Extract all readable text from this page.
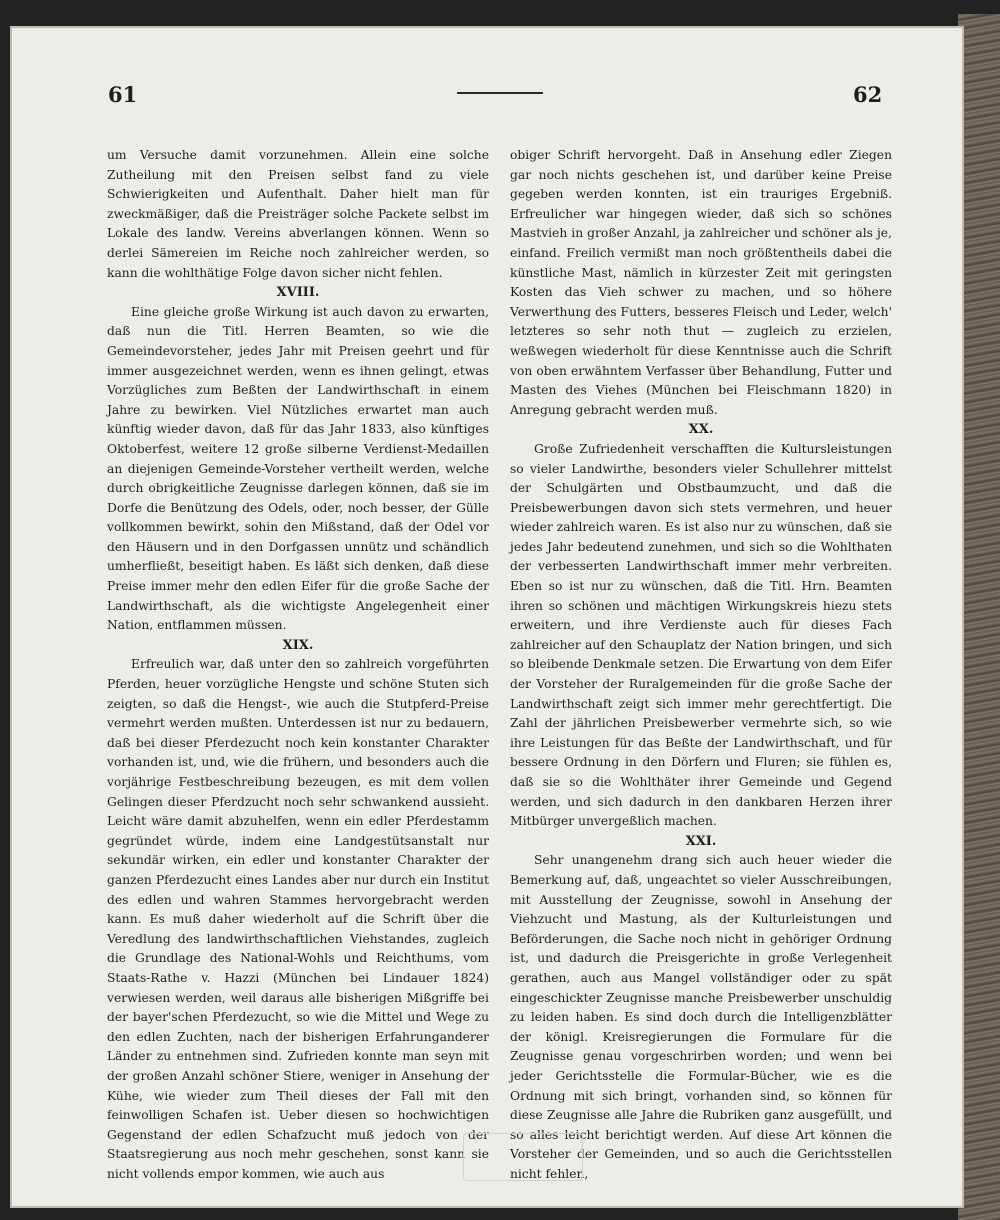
61	62

um Versuche damit vorzunehmen. Allein eine solche Zutheilung mit den Preisen selbst fand zu viele Schwierigkeiten und Aufenthalt. Daher hielt man für zweckmäßiger, daß die Preisträger solche Packete selbst im Lokale des landw. Vereins abverlangen können. Wenn so derlei Sämereien im Reiche noch zahlreicher werden, so kann die wohlthätige Folge davon sicher nicht fehlen.

XVIII.

Eine gleiche große Wirkung ist auch davon zu erwarten, daß nun die Titl. Herren Beamten, so wie die Gemeindevorsteher, jedes Jahr mit Preisen geehrt und für immer ausgezeichnet werden, wenn es ihnen gelingt, etwas Vorzügliches zum Beßten der Landwirthschaft in einem Jahre zu bewirken. Viel Nützliches erwartet man auch künftig wieder davon, daß für das Jahr 1833, also künftiges Oktoberfest, weitere 12 große silberne Verdienst-Medaillen an diejenigen Gemeinde-Vorsteher vertheilt werden, welche durch obrigkeitliche Zeugnisse darlegen können, daß sie im Dorfe die Benützung des Odels, oder, noch besser, der Gülle vollkommen bewirkt, sohin den Mißstand, daß der Odel vor den Häusern und in den Dorfgassen unnütz und schändlich umherfließt, beseitigt haben. Es läßt sich denken, daß diese Preise immer mehr den edlen Eifer für die große Sache der Landwirthschaft, als die wichtigste Angelegenheit einer Nation, entflammen müssen.

XIX.

Erfreulich war, daß unter den so zahlreich vorgeführten Pferden, heuer vorzügliche Hengste und schöne Stuten sich zeigten, so daß die Hengst-, wie auch die Stutpferd-Preise vermehrt werden mußten. Unterdessen ist nur zu bedauern, daß bei dieser Pferdezucht noch kein konstanter Charakter vorhanden ist, und, wie die frühern, und besonders auch die vorjährige Festbeschreibung bezeugen, es mit dem vollen Gelingen dieser Pferdzucht noch sehr schwankend aussieht. Leicht wäre damit abzuhelfen, wenn ein edler Pferdestamm gegründet würde, indem eine Landgestütsanstalt nur sekundär wirken, ein edler und konstanter Charakter der ganzen Pferdezucht eines Landes aber nur durch ein Institut des edlen und wahren Stammes hervorgebracht werden kann. Es muß daher wiederholt auf die Schrift über die Veredlung des landwirthschaftlichen Viehstandes, zugleich die Grundlage des National-Wohls und Reichthums, vom Staats-Rathe v. Hazzi (München bei Lindauer 1824) verwiesen werden, weil daraus alle bisherigen Mißgriffe bei der bayer'schen Pferdezucht, so wie die Mittel und Wege zu den edlen Zuchten, nach der bisherigen Erfahrunganderer Länder zu entnehmen sind. Zufrieden konnte man seyn mit der großen Anzahl schöner Stiere, weniger in Ansehung der Kühe, wie wieder zum Theil dieses der Fall mit den feinwolligen Schafen ist. Ueber diesen so hochwichtigen Gegenstand der edlen Schafzucht muß jedoch von der Staatsregierung aus noch mehr geschehen, sonst kann sie nicht vollends empor kommen, wie auch aus

obiger Schrift hervorgeht. Daß in Ansehung edler Ziegen gar noch nichts geschehen ist, und darüber keine Preise gegeben werden konnten, ist ein trauriges Ergebniß. Erfreulicher war hingegen wieder, daß sich so schönes Mastvieh in großer Anzahl, ja zahlreicher und schöner als je, einfand. Freilich vermißt man noch größtentheils dabei die künstliche Mast, nämlich in kürzester Zeit mit geringsten Kosten das Vieh schwer zu machen, und so höhere Verwerthung des Futters, besseres Fleisch und Leder, welch' letzteres so sehr noth thut — zugleich zu erzielen, weßwegen wiederholt für diese Kenntnisse auch die Schrift von oben erwähntem Verfasser über Behandlung, Futter und Masten des Viehes (München bei Fleischmann 1820) in Anregung gebracht werden muß.

XX.

Große Zufriedenheit verschafften die Kultursleistungen so vieler Landwirthe, besonders vieler Schullehrer mittelst der Schulgärten und Obstbaumzucht, und daß die Preisbewerbungen davon sich stets vermehren, und heuer wieder zahlreich waren. Es ist also nur zu wünschen, daß sie jedes Jahr bedeutend zunehmen, und sich so die Wohlthaten der verbesserten Landwirthschaft immer mehr verbreiten. Eben so ist nur zu wünschen, daß die Titl. Hrn. Beamten ihren so schönen und mächtigen Wirkungskreis hiezu stets erweitern, und ihre Verdienste auch für dieses Fach zahlreicher auf den Schauplatz der Nation bringen, und sich so bleibende Denkmale setzen. Die Erwartung von dem Eifer der Vorsteher der Ruralgemeinden für die große Sache der Landwirthschaft zeigt sich immer mehr gerechtfertigt. Die Zahl der jährlichen Preisbewerber vermehrte sich, so wie ihre Leistungen für das Beßte der Landwirthschaft, und für bessere Ordnung in den Dörfern und Fluren; sie fühlen es, daß sie so die Wohlthäter ihrer Gemeinde und Gegend werden, und sich dadurch in den dankbaren Herzen ihrer Mitbürger unvergeßlich machen.

XXI.

Sehr unangenehm drang sich auch heuer wieder die Bemerkung auf, daß, ungeachtet so vieler Ausschreibungen, mit Ausstellung der Zeugnisse, sowohl in Ansehung der Viehzucht und Mastung, als der Kulturleistungen und Beförderungen, die Sache noch nicht in gehöriger Ordnung ist, und dadurch die Preisgerichte in große Verlegenheit gerathen, auch aus Mangel vollständiger oder zu spät eingeschickter Zeugnisse manche Preisbewerber unschuldig zu leiden haben. Es sind doch durch die Intelligenzblätter der königl. Kreisregierungen die Formulare für die Zeugnisse genau vorgeschrirben worden; und wenn bei jeder Gerichtsstelle die Formular-Bücher, wie es die Ordnung mit sich bringt, vorhanden sind, so können für diese Zeugnisse alle Jahre die Rubriken ganz ausgefüllt, und so alles leicht berichtigt werden. Auf diese Art können die Vorsteher der Gemeinden, und so auch die Gerichtsstellen nicht fehlen,
